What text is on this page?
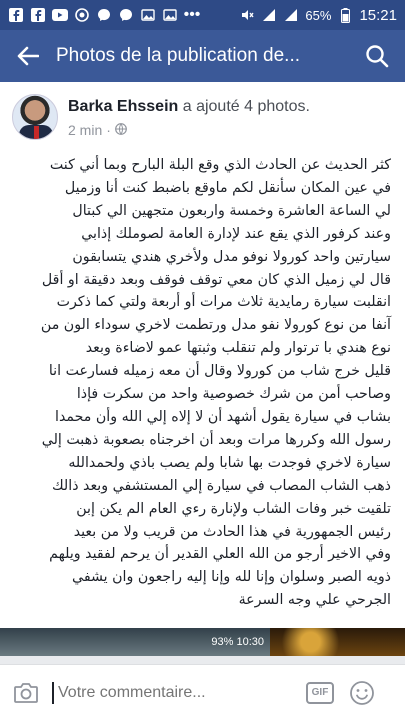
•••	65% 15:21
Photos de la publication de...
Barka Ehssein a ajouté 4 photos.
2 min ·
كثر الحديث عن الحادث الذي وقع البلة البارح وبما أني كنت
في عين المكان سأنقل لكم ماوقع باضبط كنت أنا وزميل
لي الساعة العاشرة وخمسة واربعون متجهين الي كبتال
وعند كرفور الذي يقع عند لإدارة العامة لصوملك إذابي
سيارتين واحد كورولا نوفو مدل ولأخري هندي يتسابقون
قال لي زميل الذي كان معي توقف فوقف وبعد دقيقة او أقل
انقلبت سيارة رمايدية ثلاث مرات أو أربعة ولتي كما ذكرت
آنفا من نوع كورولا نفو مدل ورتطمت لاخري سوداء الون من
نوع هندي با ترتوار ولم تنقلب وثبتها عمو لاضاءة وبعد
قليل خرج شاب من كورولا وقال أن معه زميله فسارعت انا
وصاحب أمن من شرك خصوصية واحد من سكرت فإذا
بشاب في سيارة يقول أشهد أن لا إلاه إلي الله وأن محمدا
رسول الله وكررها مرات وبعد أن اخرجناه بصعوبة ذهبت إلي
سيارة لاخري فوجدت بها شابا ولم يصب باذي ولحمدالله
ذهب الشاب المصاب في سيارة إلي المستشفي وبعد ذالك
تلقيت خبر وفات الشاب ولإنارة رءي العام الم يكن إبن
رئيس الجمهورية في هذا الحادث من قريب ولا من بعيد
وفي الاخير أرجو من الله العلي القدير أن يرحم لفقيد ويلهم
ذويه الصبر وسلوان وإنا لله وإنا إليه راجعون وان يشفي
الجرحي علي وجه السرعة
93% 10:30
Votre commentaire...
GIF
